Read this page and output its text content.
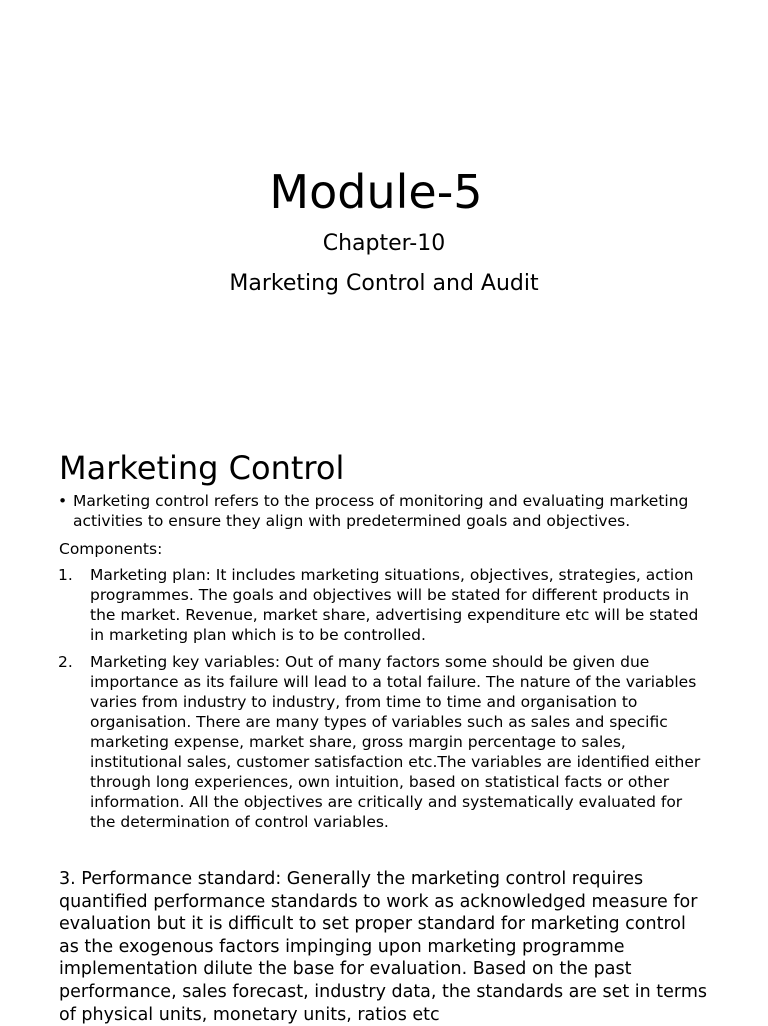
Module-5
Chapter-10
Marketing Control and Audit
Marketing Control
• Marketing control refers to the process of monitoring and evaluating marketing activities to ensure they align with predetermined goals and objectives.
Components:
1.	Marketing plan: It includes marketing situations, objectives, strategies, action programmes. The goals and objectives will be stated for different products in the market. Revenue, market share, advertising expenditure etc will be stated in marketing plan which is to be controlled.
2.	Marketing key variables: Out of many factors some should be given due importance as its failure will lead to a total failure. The nature of the variables varies from industry to industry, from time to time and organisation to organisation. There are many types of variables such as sales and specific marketing expense, market share, gross margin percentage to sales, institutional sales, customer satisfaction etc.The variables are identified either through long experiences, own intuition, based on statistical facts or other information. All the objectives are critically and systematically evaluated for the determination of control variables.
3. Performance standard: Generally the marketing control requires quantified performance standards to work as acknowledged measure for evaluation but it is difficult to set proper standard for marketing control as the exogenous factors impinging upon marketing programme implementation dilute the base for evaluation. Based on the past performance, sales forecast, industry data, the standards are set in terms of physical units, monetary units, ratios etc
